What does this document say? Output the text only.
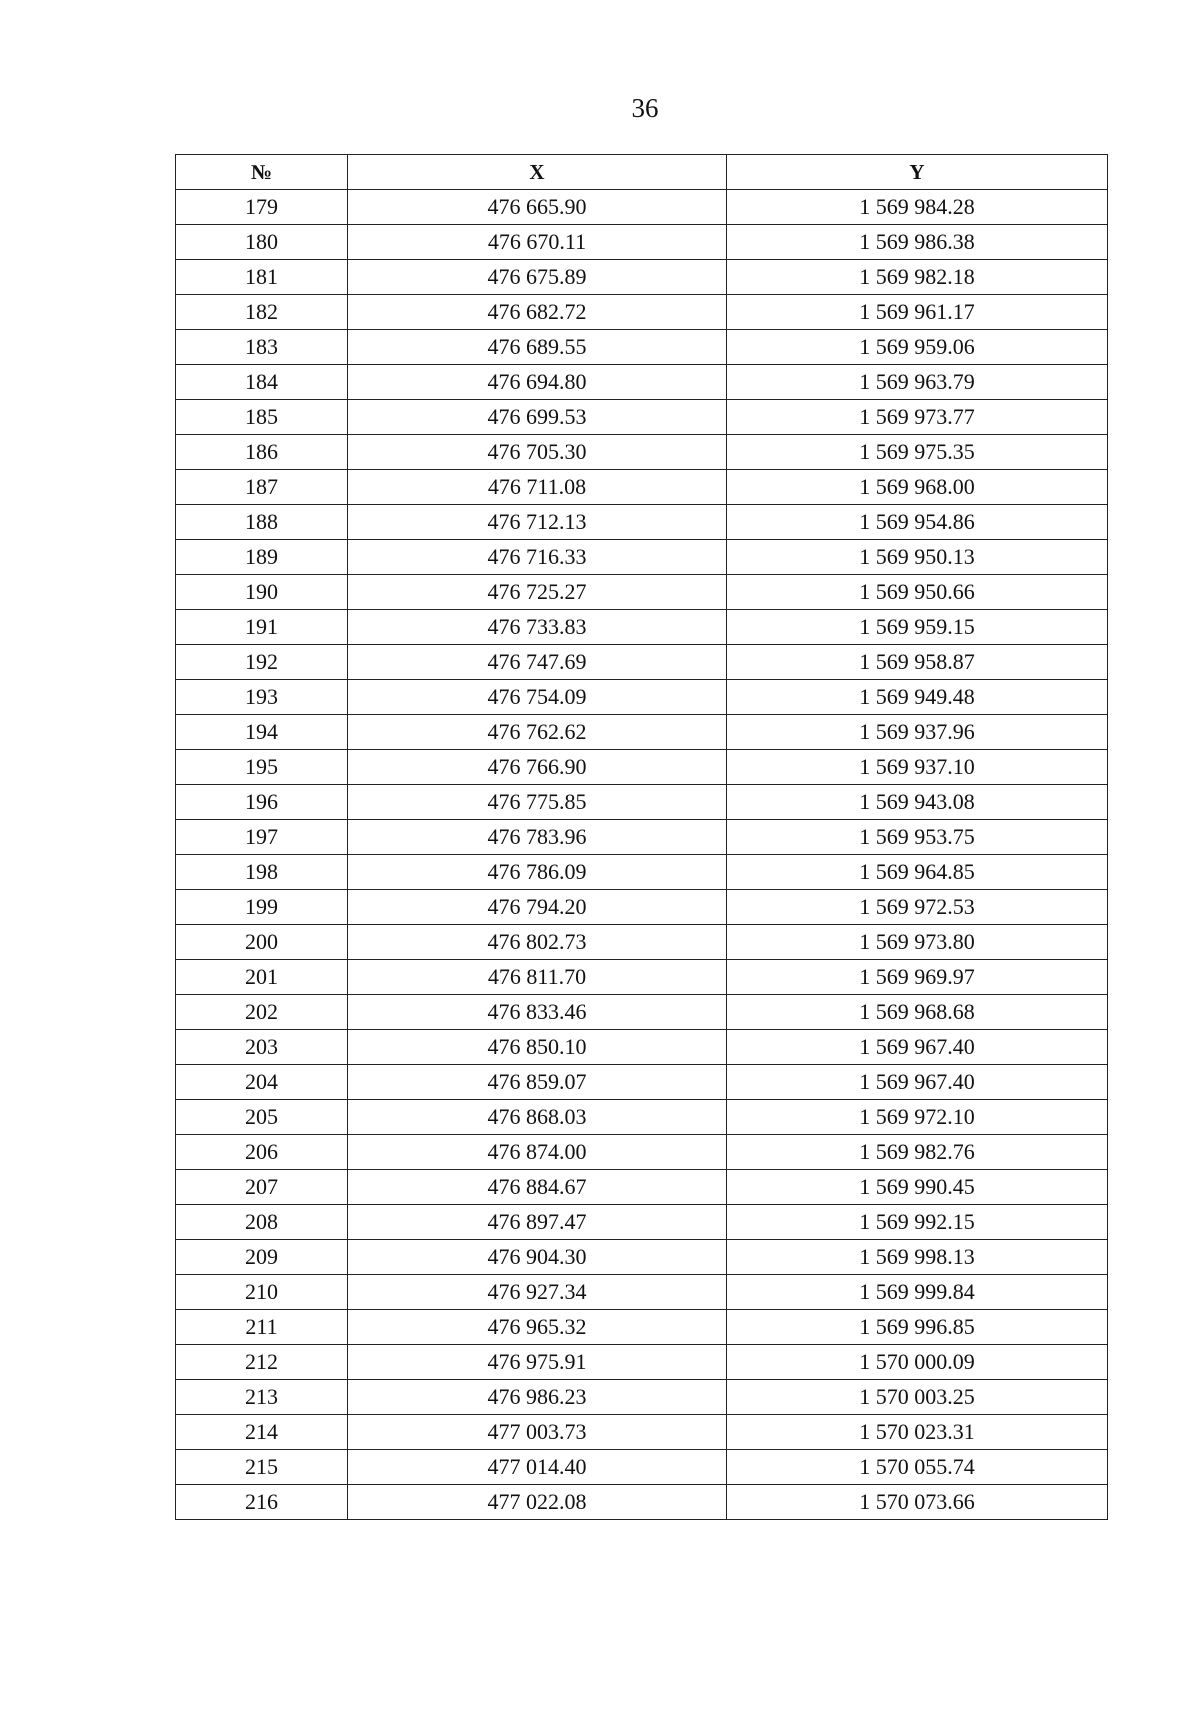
36
№	X	Y
179	476 665.90	1 569 984.28
180	476 670.11	1 569 986.38
181	476 675.89	1 569 982.18
182	476 682.72	1 569 961.17
183	476 689.55	1 569 959.06
184	476 694.80	1 569 963.79
185	476 699.53	1 569 973.77
186	476 705.30	1 569 975.35
187	476 711.08	1 569 968.00
188	476 712.13	1 569 954.86
189	476 716.33	1 569 950.13
190	476 725.27	1 569 950.66
191	476 733.83	1 569 959.15
192	476 747.69	1 569 958.87
193	476 754.09	1 569 949.48
194	476 762.62	1 569 937.96
195	476 766.90	1 569 937.10
196	476 775.85	1 569 943.08
197	476 783.96	1 569 953.75
198	476 786.09	1 569 964.85
199	476 794.20	1 569 972.53
200	476 802.73	1 569 973.80
201	476 811.70	1 569 969.97
202	476 833.46	1 569 968.68
203	476 850.10	1 569 967.40
204	476 859.07	1 569 967.40
205	476 868.03	1 569 972.10
206	476 874.00	1 569 982.76
207	476 884.67	1 569 990.45
208	476 897.47	1 569 992.15
209	476 904.30	1 569 998.13
210	476 927.34	1 569 999.84
211	476 965.32	1 569 996.85
212	476 975.91	1 570 000.09
213	476 986.23	1 570 003.25
214	477 003.73	1 570 023.31
215	477 014.40	1 570 055.74
216	477 022.08	1 570 073.66
